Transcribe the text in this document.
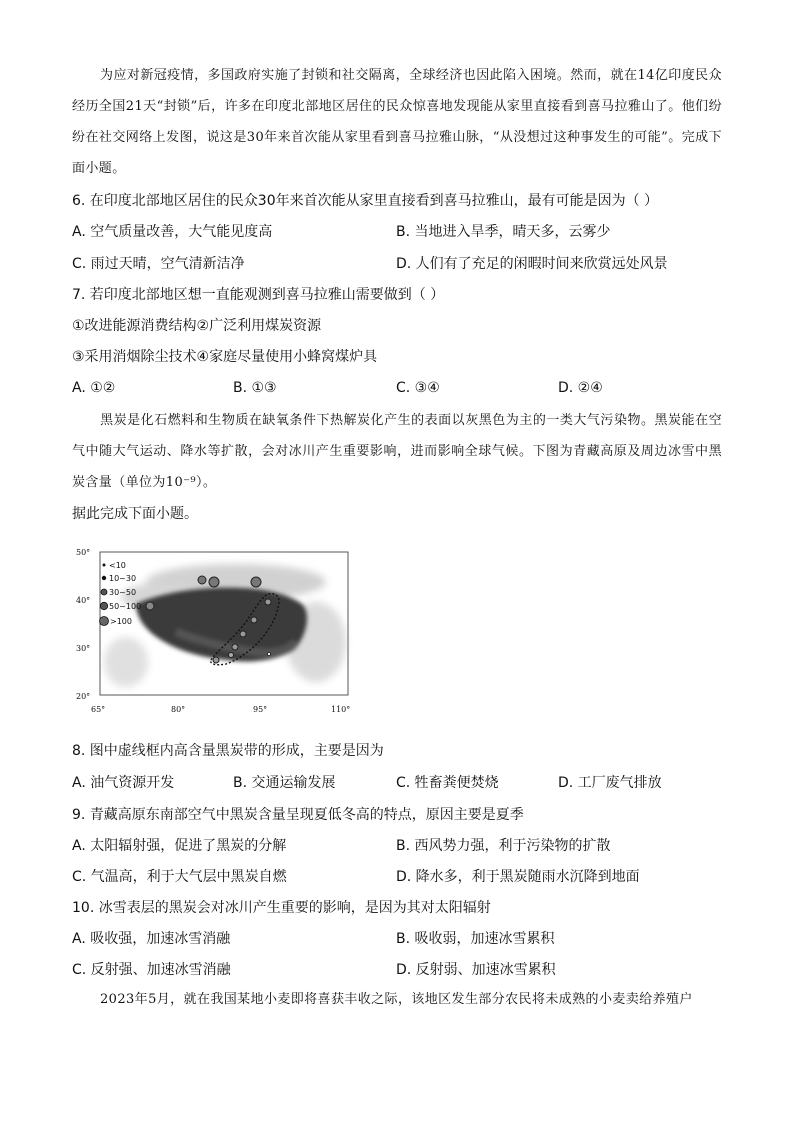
为应对新冠疫情，多国政府实施了封锁和社交隔离，全球经济也因此陷入困境。然而，就在14亿印度民众经历全国21天“封锁”后，许多在印度北部地区居住的民众惊喜地发现能从家里直接看到喜马拉雅山了。他们纷纷在社交网络上发图，说这是30年来首次能从家里看到喜马拉雅山脉，“从没想过这种事发生的可能”。完成下面小题。
6. 在印度北部地区居住的民众30年来首次能从家里直接看到喜马拉雅山，最有可能是因为（ ）
A. 空气质量改善，大气能见度高	B. 当地进入旱季，晴天多，云雾少
C. 雨过天晴，空气清新洁净	D. 人们有了充足的闲暇时间来欣赏远处风景
7. 若印度北部地区想一直能观测到喜马拉雅山需要做到（ ）
①改进能源消费结构②广泛利用煤炭资源
③采用消烟除尘技术④家庭尽量使用小蜂窝煤炉具
A. ①②	B. ①③	C. ③④	D. ②④
黑炭是化石燃料和生物质在缺氧条件下热解炭化产生的表面以灰黑色为主的一类大气污染物。黑炭能在空气中随大气运动、降水等扩散，会对冰川产生重要影响，进而影响全球气候。下图为青藏高原及周边冰雪中黑炭含量（单位为10⁻⁹）。
据此完成下面小题。
<10
10~30
30~50
50~100
>100
50°
40°
30°
20°
65°	80°	95°	110°
8. 图中虚线框内高含量黑炭带的形成，主要是因为
A. 油气资源开发	B. 交通运输发展	C. 牲畜粪便焚烧	D. 工厂废气排放
9. 青藏高原东南部空气中黑炭含量呈现夏低冬高的特点，原因主要是夏季
A. 太阳辐射强，促进了黑炭的分解	B. 西风势力强，利于污染物的扩散
C. 气温高，利于大气层中黑炭自燃	D. 降水多，利于黑炭随雨水沉降到地面
10. 冰雪表层的黑炭会对冰川产生重要的影响，是因为其对太阳辐射
A. 吸收强，加速冰雪消融	B. 吸收弱，加速冰雪累积
C. 反射强、加速冰雪消融	D. 反射弱、加速冰雪累积
2023年5月，就在我国某地小麦即将喜获丰收之际，该地区发生部分农民将未成熟的小麦卖给养殖户
